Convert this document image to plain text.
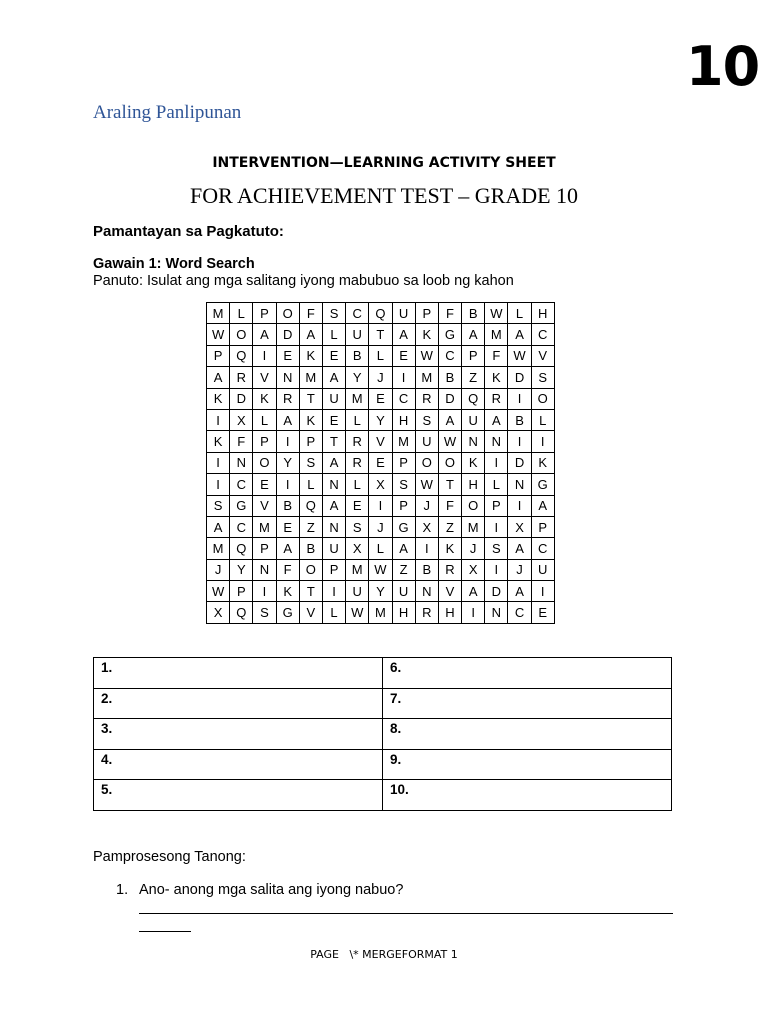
10
Araling Panlipunan
INTERVENTION—LEARNING ACTIVITY SHEET
FOR ACHIEVEMENT TEST – GRADE 10
Pamantayan sa Pagkatuto:
Gawain 1: Word Search
Panuto: Isulat ang mga salitang iyong mabubuo sa loob ng kahon
M	L	P	O	F	S	C	Q	U	P	F	B	W	L	H
W	O	A	D	A	L	U	T	A	K	G	A	M	A	C
P	Q	I	E	K	E	B	L	E	W	C	P	F	W	V
A	R	V	N	M	A	Y	J	I	M	B	Z	K	D	S
K	D	K	R	T	U	M	E	C	R	D	Q	R	I	O
I	X	L	A	K	E	L	Y	H	S	A	U	A	B	L
K	F	P	I	P	T	R	V	M	U	W	N	N	I	I
I	N	O	Y	S	A	R	E	P	O	O	K	I	D	K
I	C	E	I	L	N	L	X	S	W	T	H	L	N	G
S	G	V	B	Q	A	E	I	P	J	F	O	P	I	A
A	C	M	E	Z	N	S	J	G	X	Z	M	I	X	P
M	Q	P	A	B	U	X	L	A	I	K	J	S	A	C
J	Y	N	F	O	P	M	W	Z	B	R	X	I	J	U
W	P	I	K	T	I	U	Y	U	N	V	A	D	A	I
X	Q	S	G	V	L	W	M	H	R	H	I	N	C	E
1.	6.
2.	7.
3.	8.
4.	9.
5.	10.
Pamprosesong Tanong:
1. Ano- anong mga salita ang iyong nabuo?
PAGE   \* MERGEFORMAT 1
